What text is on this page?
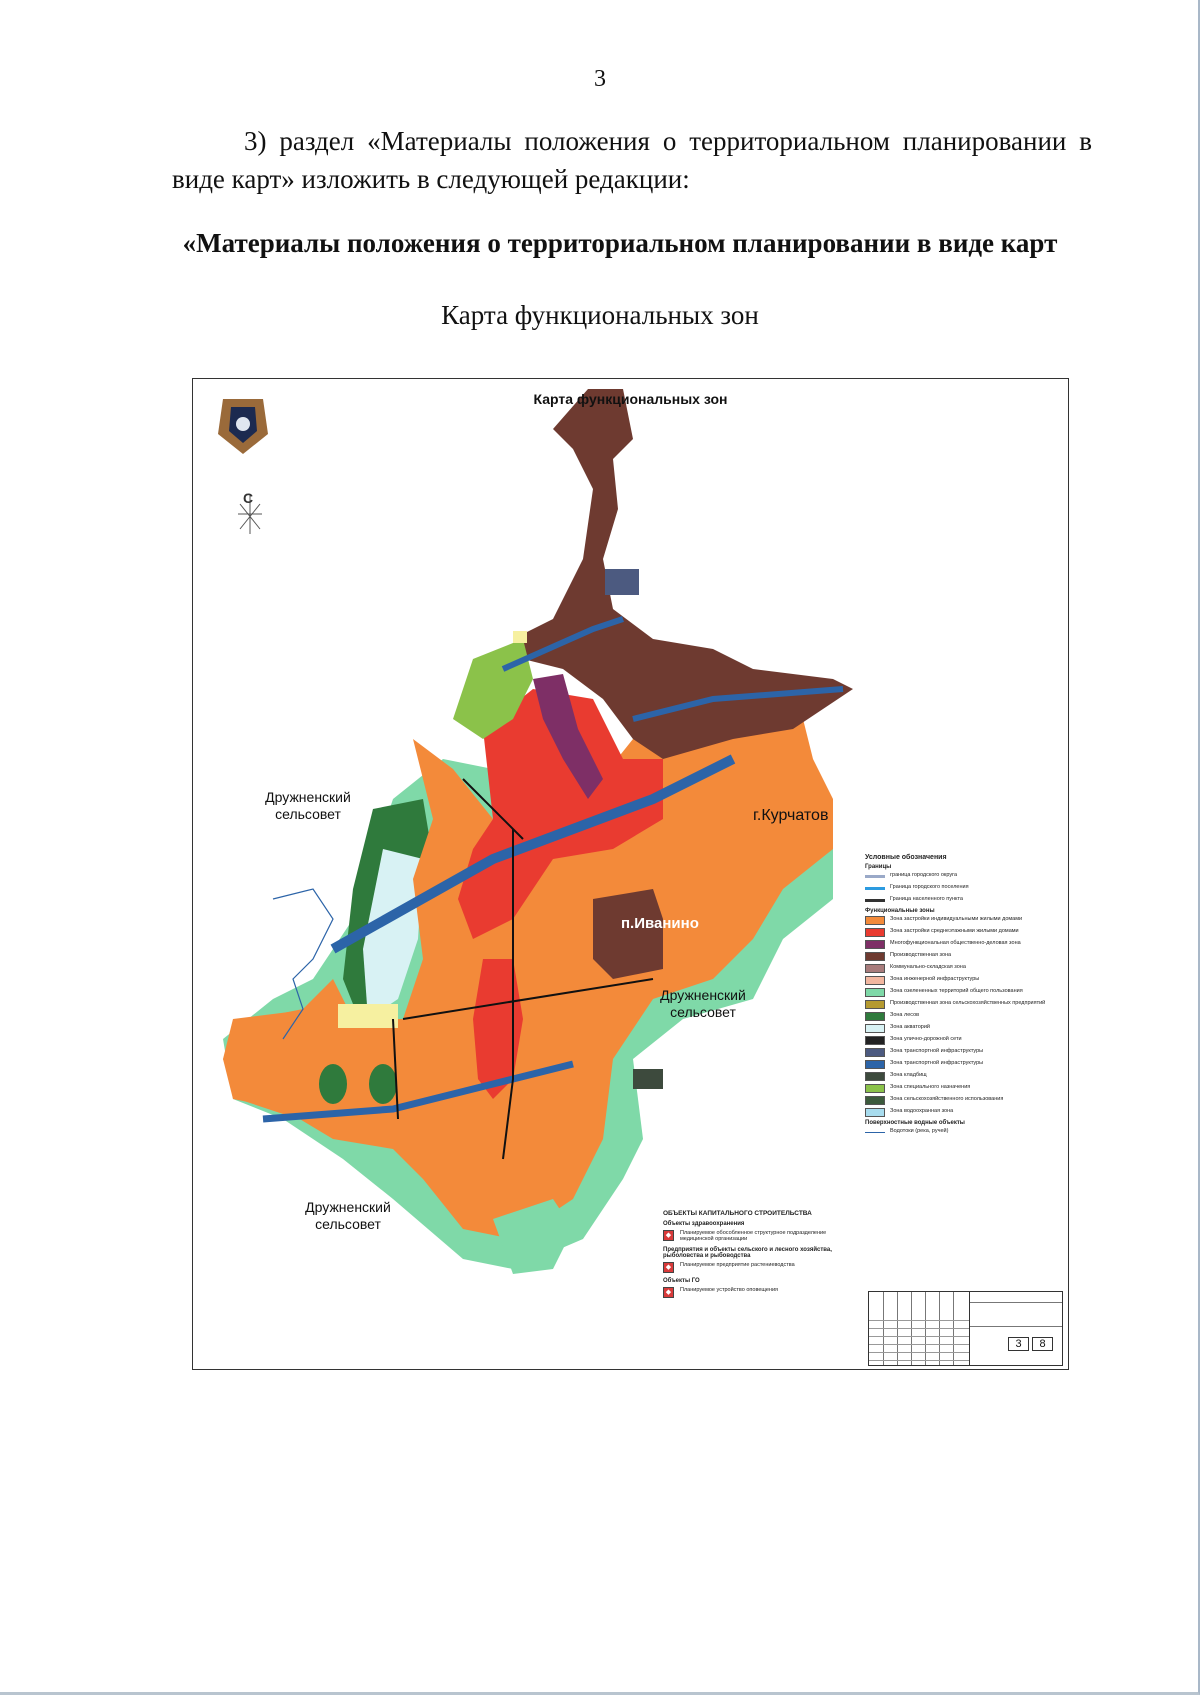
3
3) раздел «Материалы положения о территориальном планировании в виде карт» изложить в следующей редакции:
«Материалы положения о территориальном планировании в виде карт
Карта функциональных зон
Карта функциональных зон
С
Дружненский сельсовет
Дружненский сельсовет
Дружненский сельсовет
г.Курчатов
п.Иванино
Условные обозначения
Границы
граница городского округа
Граница городского поселения
Граница населенного пункта
Функциональные зоны
Зона застройки индивидуальными жилыми домами
Зона застройки среднеэтажными жилыми домами
Многофункциональная общественно-деловая зона
Производственная зона
Коммунально-складская зона
Зона инженерной инфраструктуры
Зона озелененных территорий общего пользования
Производственная зона сельскохозяйственных предприятий
Зона лесов
Зона акваторий
Зона улично-дорожной сети
Зона транспортной инфраструктуры
Зона транспортной инфраструктуры
Зона кладбищ
Зона специального назначения
Зона сельскохозяйственного использования
Зона водоохранная зона
Поверхностные водные объекты
Водотоки (река, ручей)
ОБЪЕКТЫ КАПИТАЛЬНОГО СТРОИТЕЛЬСТВА
Объекты здравоохранения
◆	Планируемое обособленное структурное подразделение медицинской организации
Предприятия и объекты сельского и лесного хозяйства, рыболовства и рыбоводства
◆	Планируемое предприятие растениеводства
Объекты ГО
◆	Планируемое устройство оповещения
3	8
